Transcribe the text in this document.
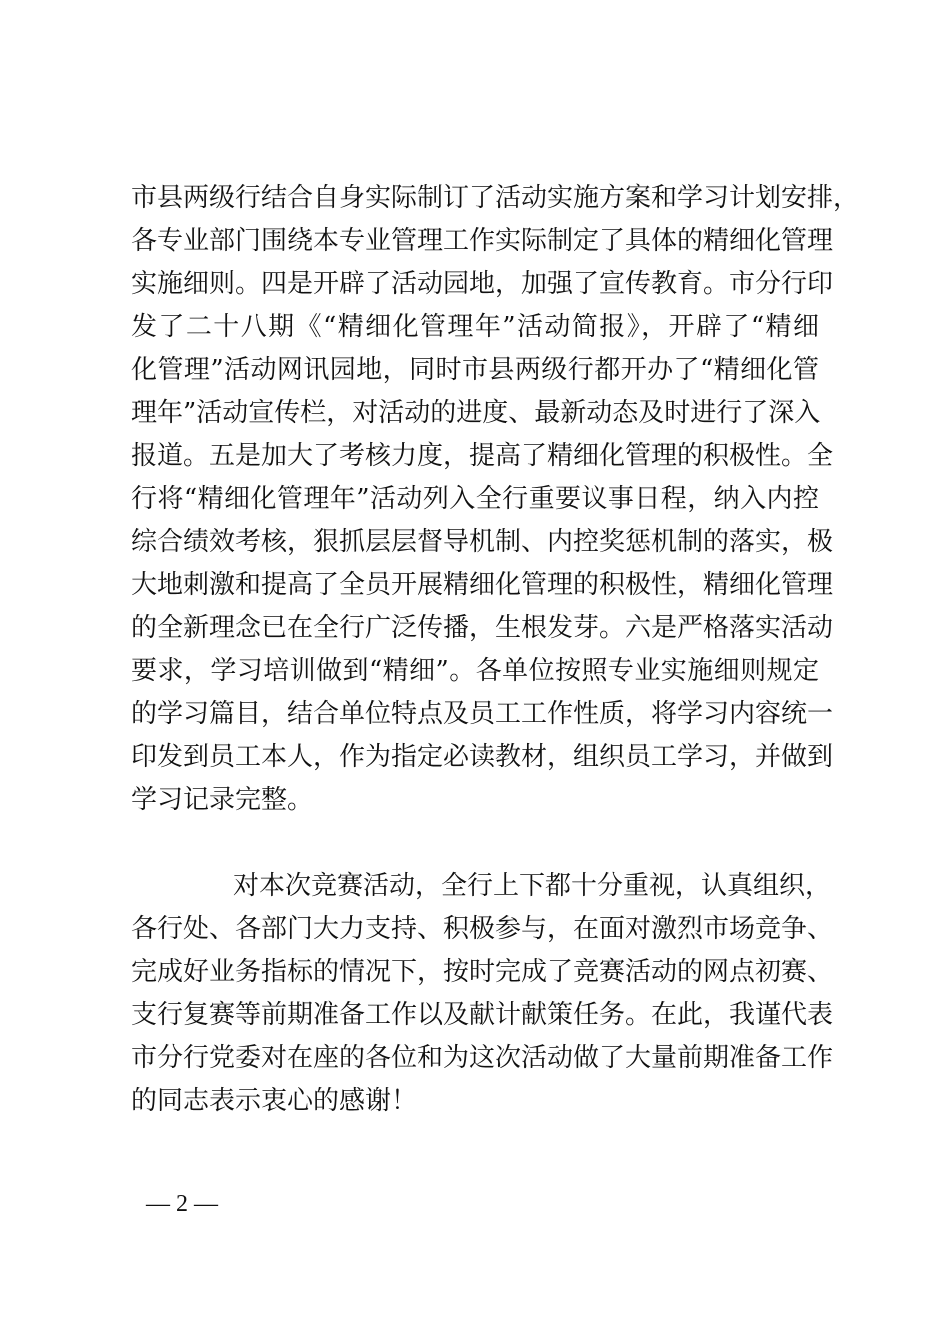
市县两级行结合自身实际制订了活动实施方案和学习计划安排，
各专业部门围绕本专业管理工作实际制定了具体的精细化管理
实施细则。四是开辟了活动园地，加强了宣传教育。市分行印
发了二十八期《“精细化管理年”活动简报》，开辟了“精细
化管理”活动网讯园地，同时市县两级行都开办了“精细化管
理年”活动宣传栏，对活动的进度、最新动态及时进行了深入
报道。五是加大了考核力度，提高了精细化管理的积极性。全
行将“精细化管理年”活动列入全行重要议事日程，纳入内控
综合绩效考核，狠抓层层督导机制、内控奖惩机制的落实，极
大地刺激和提高了全员开展精细化管理的积极性，精细化管理
的全新理念已在全行广泛传播，生根发芽。六是严格落实活动
要求，学习培训做到“精细”。各单位按照专业实施细则规定
的学习篇目，结合单位特点及员工工作性质，将学习内容统一
印发到员工本人，作为指定必读教材，组织员工学习，并做到
学习记录完整。
对本次竞赛活动，全行上下都十分重视，认真组织，
各行处、各部门大力支持、积极参与，在面对激烈市场竞争、
完成好业务指标的情况下，按时完成了竞赛活动的网点初赛、
支行复赛等前期准备工作以及献计献策任务。在此，我谨代表
市分行党委对在座的各位和为这次活动做了大量前期准备工作
的同志表示衷心的感谢！
— 2 —
